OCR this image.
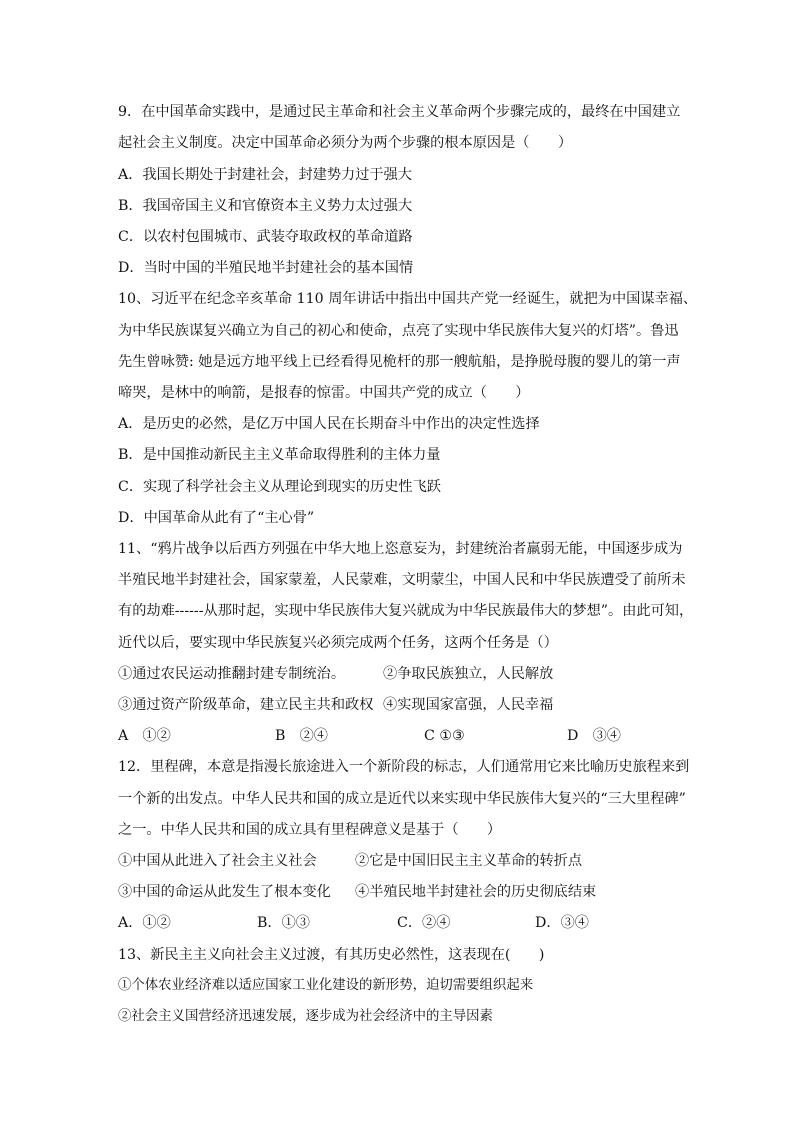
9．在中国革命实践中，是通过民主革命和社会主义革命两个步骤完成的，最终在中国建立
起社会主义制度。决定中国革命必须分为两个步骤的根本原因是（　　）
A．我国长期处于封建社会，封建势力过于强大
B．我国帝国主义和官僚资本主义势力太过强大
C．以农村包围城市、武装夺取政权的革命道路
D．当时中国的半殖民地半封建社会的基本国情
10、习近平在纪念辛亥革命 110 周年讲话中指出中国共产党一经诞生，就把为中国谋幸福、
为中华民族谋复兴确立为自己的初心和使命，点亮了实现中华民族伟大复兴的灯塔”。鲁迅
先生曾咏赞: 她是远方地平线上已经看得见桅杆的那一艘航船，是挣脱母腹的婴儿的第一声
啼哭，是林中的响箭，是报春的惊雷。中国共产党的成立（　　）
A．是历史的必然，是亿万中国人民在长期奋斗中作出的决定性选择
B．是中国推动新民主主义革命取得胜利的主体力量
C．实现了科学社会主义从理论到现实的历史性飞跃
D．中国革命从此有了“主心骨”
11、“鸦片战争以后西方列强在中华大地上恣意妄为，封建统治者羸弱无能，中国逐步成为
半殖民地半封建社会，国家蒙羞，人民蒙难，文明蒙尘，中国人民和中华民族遭受了前所未
有的劫难------从那时起，实现中华民族伟大复兴就成为中华民族最伟大的梦想”。由此可知，
近代以后，要实现中华民族复兴必须完成两个任务，这两个任务是（）
①通过农民运动推翻封建专制统治。	②争取民族独立，人民解放
③通过资产阶级革命，建立民主共和政权 ④实现国家富强，人民幸福
A　①②	B　②④	C ①③	D　③④
12．里程碑，本意是指漫长旅途进入一个新阶段的标志，人们通常用它来比喻历史旅程来到
一个新的出发点。中华人民共和国的成立是近代以来实现中华民族伟大复兴的“三大里程碑”
之一。中华人民共和国的成立具有里程碑意义是基于（　　）
①中国从此进入了社会主义社会	②它是中国旧民主主义革命的转折点
③中国的命运从此发生了根本变化 ④半殖民地半封建社会的历史彻底结束
A．①②	B．①③	C．②④	D．③④
13、新民主主义向社会主义过渡，有其历史必然性，这表现在(　　)
①个体农业经济难以适应国家工业化建设的新形势，迫切需要组织起来
②社会主义国营经济迅速发展，逐步成为社会经济中的主导因素
